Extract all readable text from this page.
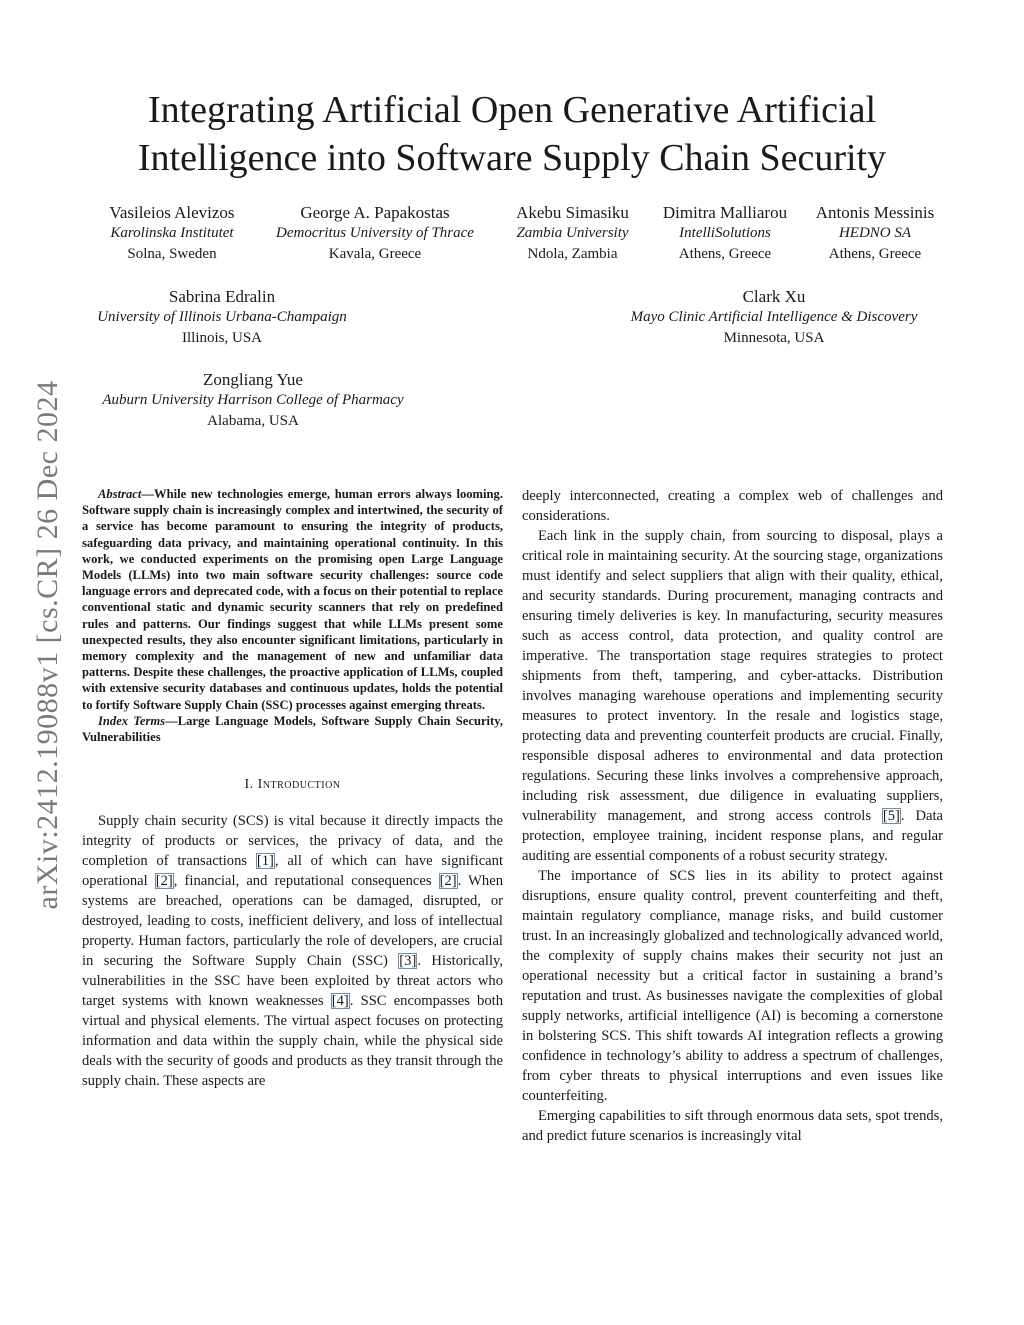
arXiv:2412.19088v1 [cs.CR] 26 Dec 2024
Integrating Artificial Open Generative Artificial
Intelligence into Software Supply Chain Security
Vasileios Alevizos
Karolinska Institutet
Solna, Sweden
George A. Papakostas
Democritus University of Thrace
Kavala, Greece
Akebu Simasiku
Zambia University
Ndola, Zambia
Dimitra Malliarou
IntelliSolutions
Athens, Greece
Antonis Messinis
HEDNO SA
Athens, Greece
Sabrina Edralin
University of Illinois Urbana-Champaign
Illinois, USA
Clark Xu
Mayo Clinic Artificial Intelligence & Discovery
Minnesota, USA
Zongliang Yue
Auburn University Harrison College of Pharmacy
Alabama, USA

Abstract—While new technologies emerge, human errors always looming. Software supply chain is increasingly complex and intertwined, the security of a service has become paramount to ensuring the integrity of products, safeguarding data privacy, and maintaining operational continuity. In this work, we conducted experiments on the promising open Large Language Models (LLMs) into two main software security challenges: source code language errors and deprecated code, with a focus on their potential to replace conventional static and dynamic security scanners that rely on predefined rules and patterns. Our findings suggest that while LLMs present some unexpected results, they also encounter significant limitations, particularly in memory complexity and the management of new and unfamiliar data patterns. Despite these challenges, the proactive application of LLMs, coupled with extensive security databases and continuous updates, holds the potential to fortify Software Supply Chain (SSC) processes against emerging threats.

Index Terms—Large Language Models, Software Supply Chain Security, Vulnerabilities

I. Introduction

Supply chain security (SCS) is vital because it directly impacts the integrity of products or services, the privacy of data, and the completion of transactions [1], all of which can have significant operational [2], financial, and reputational consequences [2]. When systems are breached, operations can be damaged, disrupted, or destroyed, leading to costs, inefficient delivery, and loss of intellectual property. Human factors, particularly the role of developers, are crucial in securing the Software Supply Chain (SSC) [3]. Historically, vulnerabilities in the SSC have been exploited by threat actors who target systems with known weaknesses [4]. SSC encompasses both virtual and physical elements. The virtual aspect focuses on protecting information and data within the supply chain, while the physical side deals with the security of goods and products as they transit through the supply chain. These aspects are

deeply interconnected, creating a complex web of challenges and considerations.

Each link in the supply chain, from sourcing to disposal, plays a critical role in maintaining security. At the sourcing stage, organizations must identify and select suppliers that align with their quality, ethical, and security standards. During procurement, managing contracts and ensuring timely deliveries is key. In manufacturing, security measures such as access control, data protection, and quality control are imperative. The transportation stage requires strategies to protect shipments from theft, tampering, and cyber-attacks. Distribution involves managing warehouse operations and implementing security measures to protect inventory. In the resale and logistics stage, protecting data and preventing counterfeit products are crucial. Finally, responsible disposal adheres to environmental and data protection regulations. Securing these links involves a comprehensive approach, including risk assessment, due diligence in evaluating suppliers, vulnerability management, and strong access controls [5]. Data protection, employee training, incident response plans, and regular auditing are essential components of a robust security strategy.

The importance of SCS lies in its ability to protect against disruptions, ensure quality control, prevent counterfeiting and theft, maintain regulatory compliance, manage risks, and build customer trust. In an increasingly globalized and technologically advanced world, the complexity of supply chains makes their security not just an operational necessity but a critical factor in sustaining a brand’s reputation and trust. As businesses navigate the complexities of global supply networks, artificial intelligence (AI) is becoming a cornerstone in bolstering SCS. This shift towards AI integration reflects a growing confidence in technology’s ability to address a spectrum of challenges, from cyber threats to physical interruptions and even issues like counterfeiting.

Emerging capabilities to sift through enormous data sets, spot trends, and predict future scenarios is increasingly vital
